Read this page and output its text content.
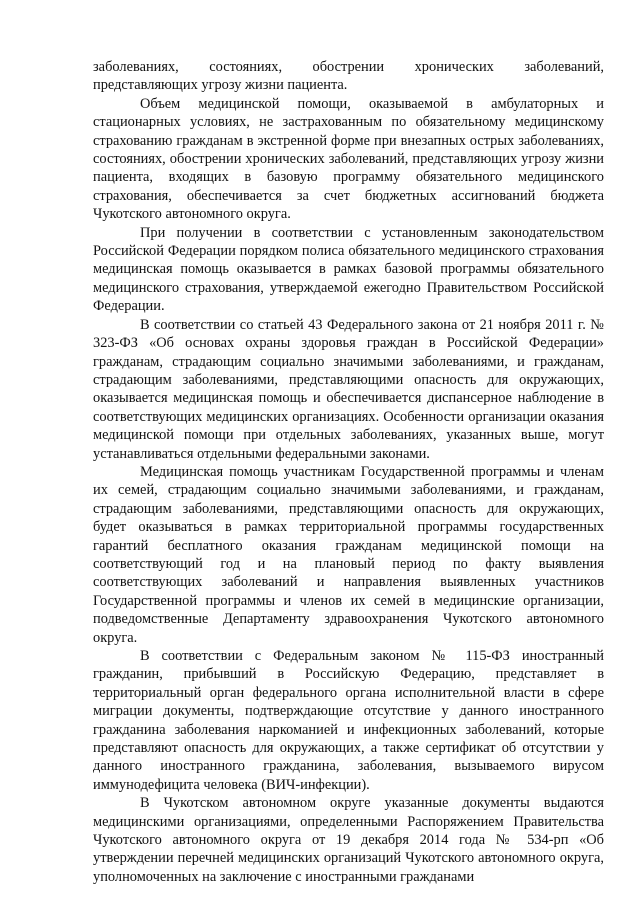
заболеваниях, состояниях, обострении хронических заболеваний, представляющих угрозу жизни пациента.

Объем медицинской помощи, оказываемой в амбулаторных и стационарных условиях, не застрахованным по обязательному медицинскому страхованию гражданам в экстренной форме при внезапных острых заболеваниях, состояниях, обострении хронических заболеваний, представляющих угрозу жизни пациента, входящих в базовую программу обязательного медицинского страхования, обеспечивается за счет бюджетных ассигнований бюджета Чукотского автономного округа.

При получении в соответствии с установленным законодательством Российской Федерации порядком полиса обязательного медицинского страхования медицинская помощь оказывается в рамках базовой программы обязательного медицинского страхования, утверждаемой ежегодно Правительством Российской Федерации.

В соответствии со статьей 43 Федерального закона от 21 ноября 2011 г. № 323-ФЗ «Об основах охраны здоровья граждан в Российской Федерации» гражданам, страдающим социально значимыми заболеваниями, и гражданам, страдающим заболеваниями, представляющими опасность для окружающих, оказывается медицинская помощь и обеспечивается диспансерное наблюдение в соответствующих медицинских организациях. Особенности организации оказания медицинской помощи при отдельных заболеваниях, указанных выше, могут устанавливаться отдельными федеральными законами.

Медицинская помощь участникам Государственной программы и членам их семей, страдающим социально значимыми заболеваниями, и гражданам, страдающим заболеваниями, представляющими опасность для окружающих, будет оказываться в рамках территориальной программы государственных гарантий бесплатного оказания гражданам медицинской помощи на соответствующий год и на плановый период по факту выявления соответствующих заболеваний и направления выявленных участников Государственной программы и членов их семей в медицинские организации, подведомственные Департаменту здравоохранения Чукотского автономного округа.

В соответствии с Федеральным законом № 115-ФЗ иностранный гражданин, прибывший в Российскую Федерацию, представляет в территориальный орган федерального органа исполнительной власти в сфере миграции документы, подтверждающие отсутствие у данного иностранного гражданина заболевания наркоманией и инфекционных заболеваний, которые представляют опасность для окружающих, а также сертификат об отсутствии у данного иностранного гражданина, заболевания, вызываемого вирусом иммунодефицита человека (ВИЧ-инфекции).

В Чукотском автономном округе указанные документы выдаются медицинскими организациями, определенными Распоряжением Правительства Чукотского автономного округа от 19 декабря 2014 года № 534-рп «Об утверждении перечней медицинских организаций Чукотского автономного округа, уполномоченных на заключение с иностранными гражданами
